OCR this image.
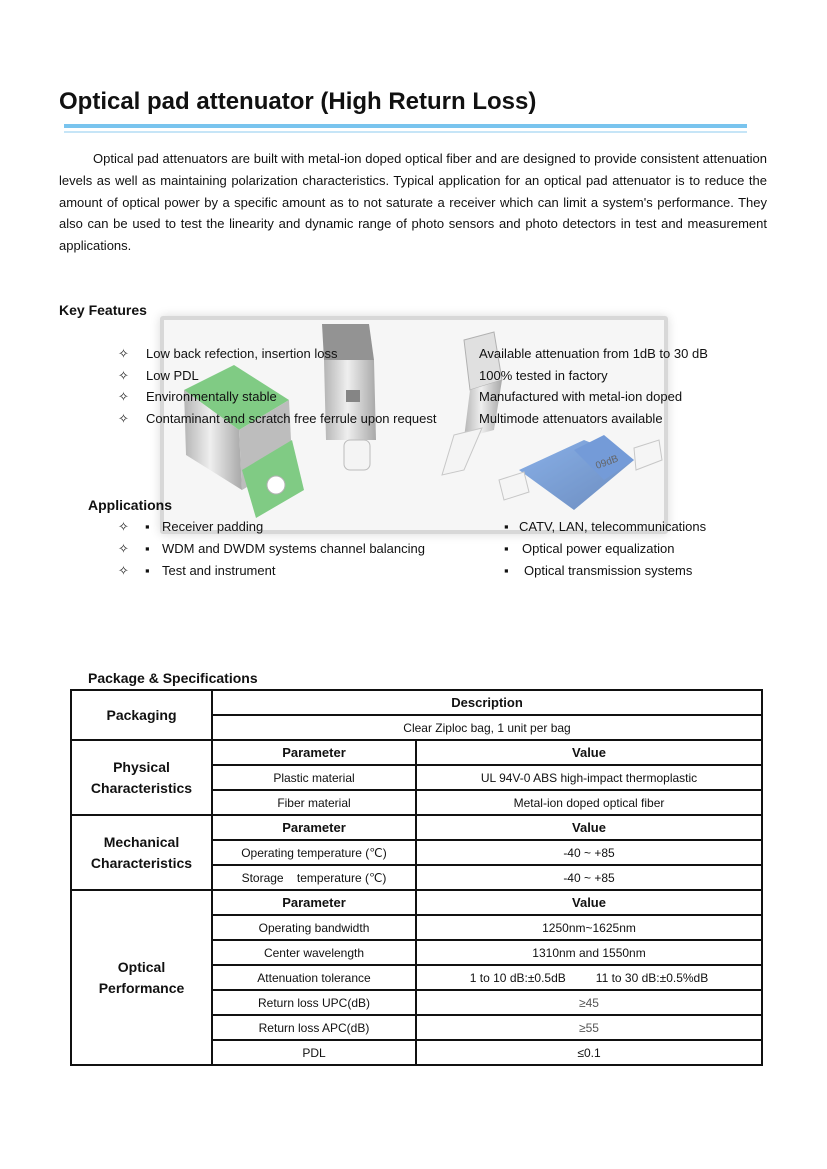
Optical pad attenuator (High Return Loss)

Optical pad attenuators are built with metal-ion doped optical fiber and are designed to provide consistent attenuation levels as well as maintaining polarization characteristics. Typical application for an optical pad attenuator is to reduce the amount of optical power by a specific amount as to not saturate a receiver which can limit a system's performance. They also can be used to test the linearity and dynamic range of photo sensors and photo detectors in test and measurement applications.

Key Features
09dB
✧
✧
✧
✧
Low back refection, insertion loss
Low PDL
Environmentally stable
Contaminant and scratch free ferrule upon request
Available attenuation from 1dB to 30 dB
100% tested in factory
Manufactured with metal-ion doped
Multimode attenuators available
Applications
✧
✧
✧
▪
▪
▪
Receiver padding
WDM and DWDM systems channel balancing
Test and instrument
▪
▪
▪
CATV, LAN, telecommunications
Optical power equalization
Optical transmission systems
Package & Specifications
Packaging	Description	
	Clear Ziploc bag, 1 unit per bag	
Physical
Characteristics	Parameter	Value
	Plastic material	UL 94V-0 ABS high-impact thermoplastic
	Fiber material	Metal-ion doped optical fiber
Mechanical
Characteristics	Parameter	Value
	Operating temperature (℃)	-40 ~ +85
	Storage    temperature (℃)	-40 ~ +85
Optical
Performance	Parameter	Value
	Operating bandwidth	1250nm~1625nm
	Center wavelength	1310nm and 1550nm
	Attenuation tolerance	1 to 10 dB:±0.5dB 11 to 30 dB:±0.5%dB
	Return loss UPC(dB)	≥45
	Return loss APC(dB)	≥55
	PDL	≤0.1
